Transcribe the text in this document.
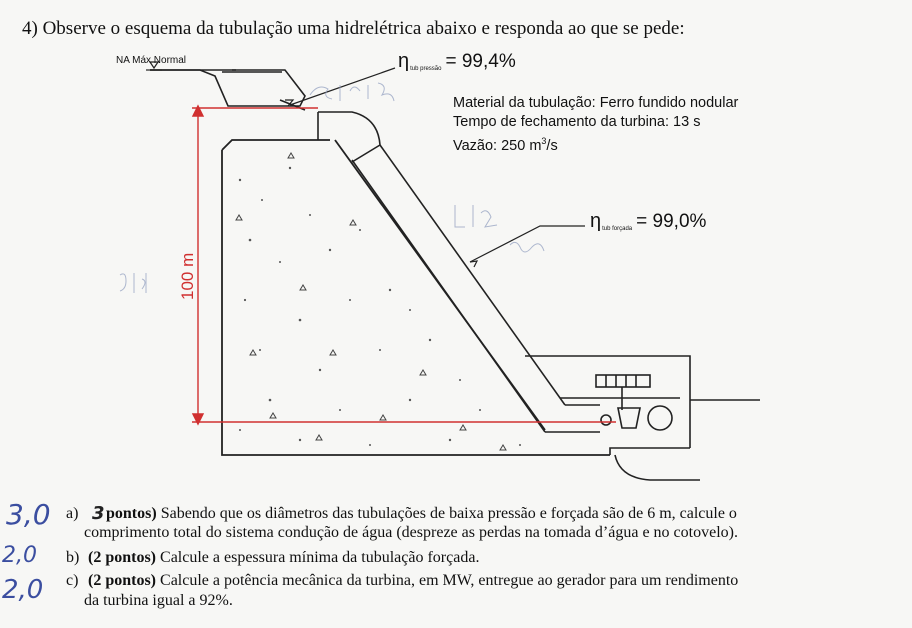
4) Observe o esquema da tubulação uma hidrelétrica abaixo e responda ao que se pede:
NA Máx Normal	ηtub pressão = 99,4%
ηtub forçada = 99,0%
Material da tubulação: Ferro fundido nodular
Tempo de fechamento da turbina: 13 s
Vazão: 250 $m^3/s$
100 m
a) pontos) Sabendo que os diâmetros das tubulações de baixa pressão e forçada são de 6 m, calcule o
comprimento total do sistema condução de água (despreze as perdas na tomada d’água e no cotovelo).
b) (2 pontos) Calcule a espessura mínima da tubulação forçada.
c) (2 pontos) Calcule a potência mecânica da turbina, em MW, entregue ao gerador para um rendimento
da turbina igual a 92%.
3,0
2,0
2,0
3
